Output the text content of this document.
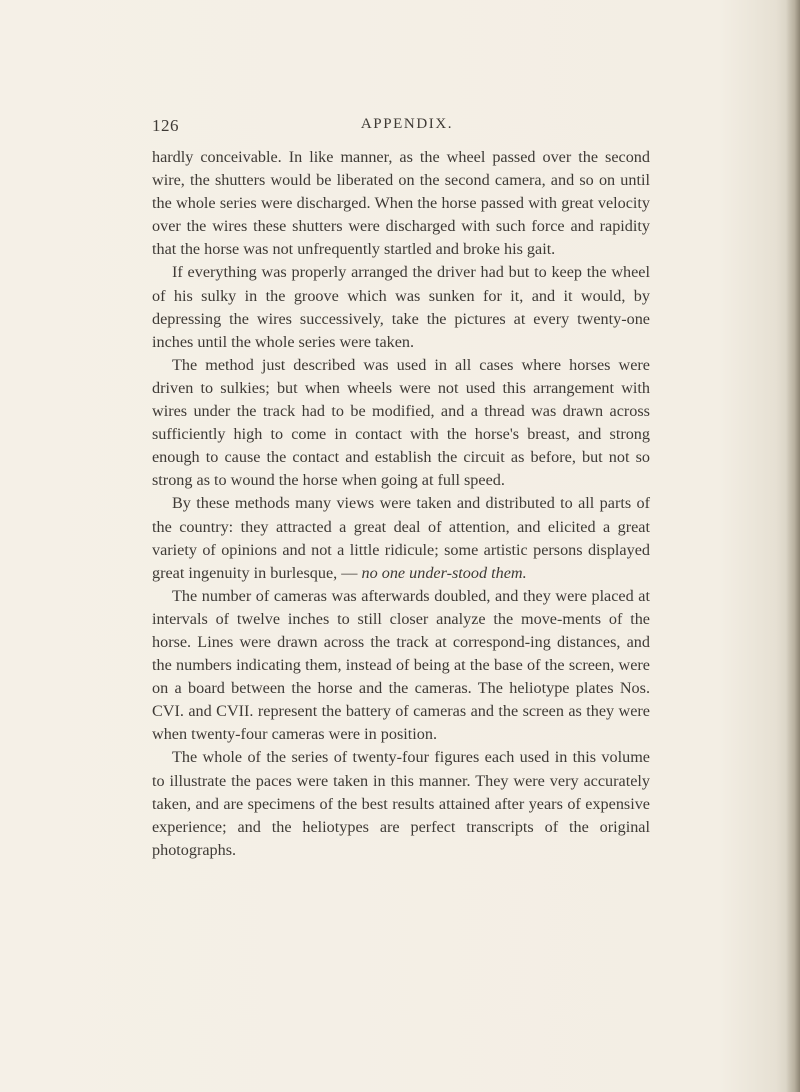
126	APPENDIX.

hardly conceivable. In like manner, as the wheel passed over the second wire, the shutters would be liberated on the second camera, and so on until the whole series were discharged. When the horse passed with great velocity over the wires these shutters were discharged with such force and rapidity that the horse was not unfrequently startled and broke his gait.

If everything was properly arranged the driver had but to keep the wheel of his sulky in the groove which was sunken for it, and it would, by depressing the wires successively, take the pictures at every twenty-one inches until the whole series were taken.

The method just described was used in all cases where horses were driven to sulkies; but when wheels were not used this arrangement with wires under the track had to be modified, and a thread was drawn across sufficiently high to come in contact with the horse's breast, and strong enough to cause the contact and establish the circuit as before, but not so strong as to wound the horse when going at full speed.

By these methods many views were taken and distributed to all parts of the country: they attracted a great deal of attention, and elicited a great variety of opinions and not a little ridicule; some artistic persons displayed great ingenuity in burlesque, — no one under-stood them.

The number of cameras was afterwards doubled, and they were placed at intervals of twelve inches to still closer analyze the move-ments of the horse. Lines were drawn across the track at correspond-ing distances, and the numbers indicating them, instead of being at the base of the screen, were on a board between the horse and the cameras. The heliotype plates Nos. CVI. and CVII. represent the battery of cameras and the screen as they were when twenty-four cameras were in position.

The whole of the series of twenty-four figures each used in this volume to illustrate the paces were taken in this manner. They were very accurately taken, and are specimens of the best results attained after years of expensive experience; and the heliotypes are perfect transcripts of the original photographs.
